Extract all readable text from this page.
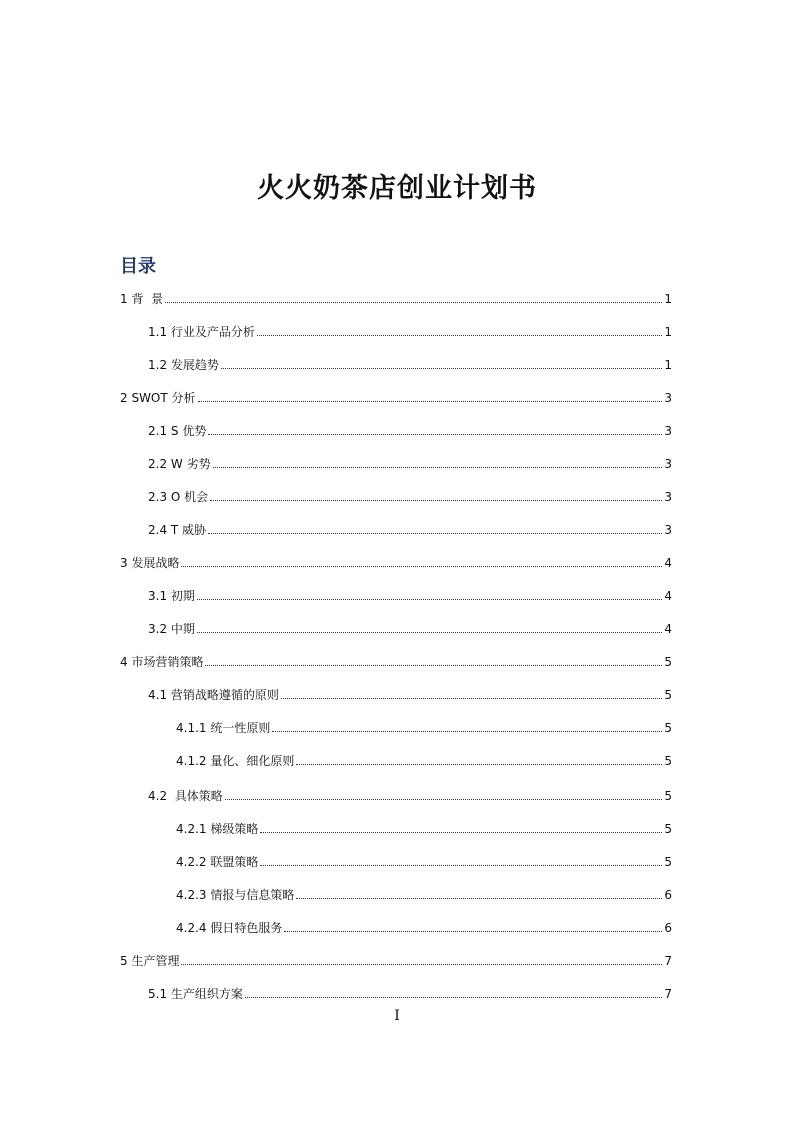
火火奶茶店创业计划书
目录
1 背  景	1
1.1 行业及产品分析	1
1.2 发展趋势	1
2 SWOT 分析	3
2.1 S 优势	3
2.2 W 劣势	3
2.3 O 机会	3
2.4 T 威胁	3
3 发展战略	4
3.1 初期	4
3.2 中期	4
4 市场营销策略	5
4.1 营销战略遵循的原则	5
4.1.1 统一性原则	5
4.1.2 量化、细化原则	5
4.2  具体策略	5
4.2.1 梯级策略	5
4.2.2 联盟策略	5
4.2.3 情报与信息策略	6
4.2.4 假日特色服务	6
5 生产管理	7
5.1 生产组织方案	7
I
